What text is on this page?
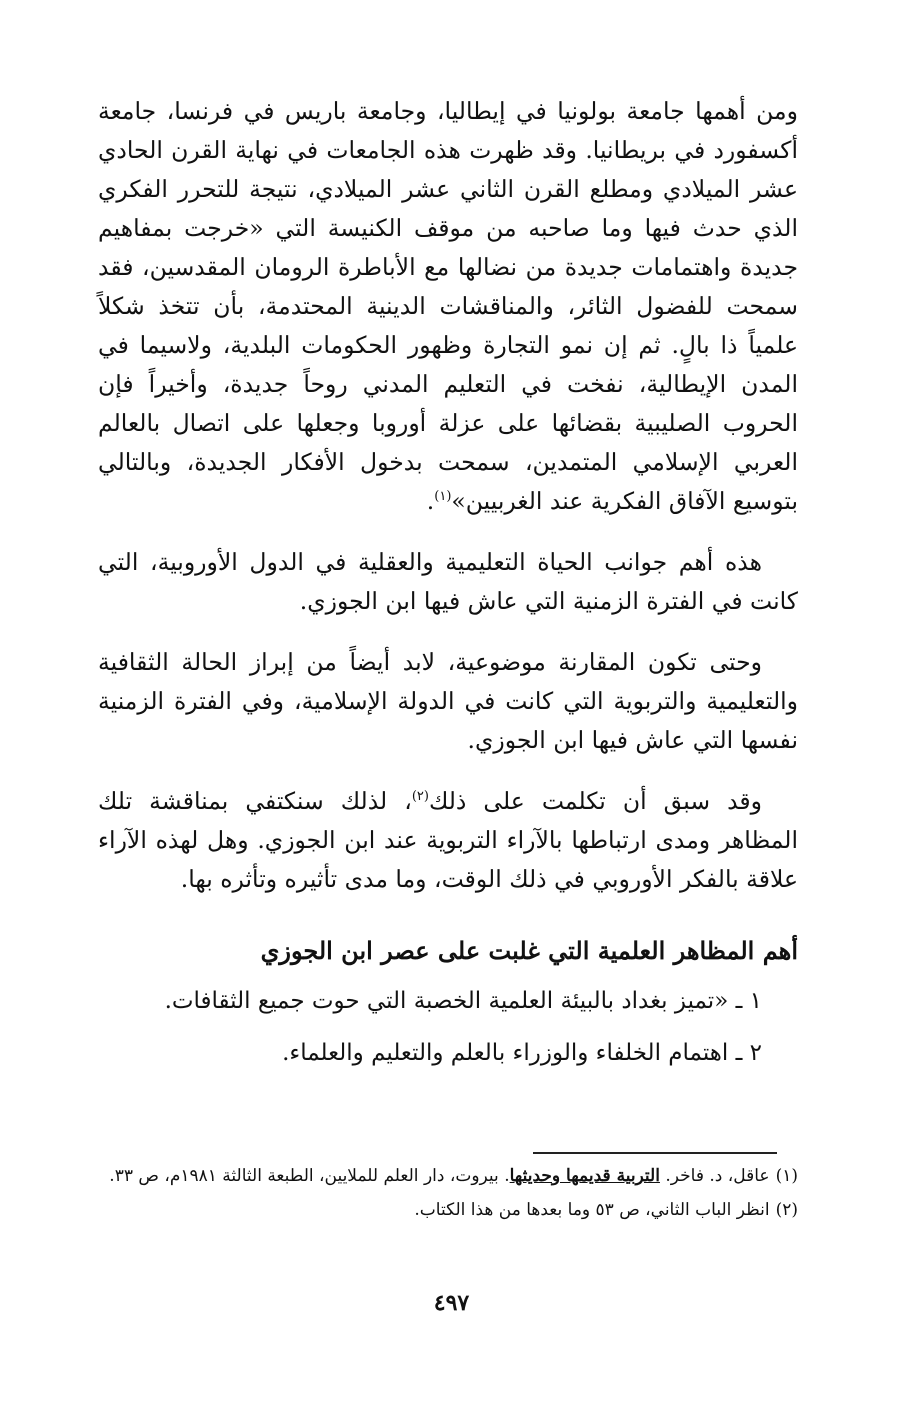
ومن أهمها جامعة بولونيا في إيطاليا، وجامعة باريس في فرنسا، جامعة أكسفورد في بريطانيا. وقد ظهرت هذه الجامعات في نهاية القرن الحادي عشر الميلادي ومطلع القرن الثاني عشر الميلادي، نتيجة للتحرر الفكري الذي حدث فيها وما صاحبه من موقف الكنيسة التي «خرجت بمفاهيم جديدة واهتمامات جديدة من نضالها مع الأباطرة الرومان المقدسين، فقد سمحت للفضول الثائر، والمناقشات الدينية المحتدمة، بأن تتخذ شكلاً علمياً ذا بالٍ. ثم إن نمو التجارة وظهور الحكومات البلدية، ولاسيما في المدن الإيطالية، نفخت في التعليم المدني روحاً جديدة، وأخيراً فإن الحروب الصليبية بقضائها على عزلة أوروبا وجعلها على اتصال بالعالم العربي الإسلامي المتمدين، سمحت بدخول الأفكار الجديدة، وبالتالي بتوسيع الآفاق الفكرية عند الغربيين»$^{(١)}$.

هذه أهم جوانب الحياة التعليمية والعقلية في الدول الأوروبية، التي كانت في الفترة الزمنية التي عاش فيها ابن الجوزي.

وحتى تكون المقارنة موضوعية، لابد أيضاً من إبراز الحالة الثقافية والتعليمية والتربوية التي كانت في الدولة الإسلامية، وفي الفترة الزمنية نفسها التي عاش فيها ابن الجوزي.

وقد سبق أن تكلمت على ذلك$^{(٢)}$، لذلك سنكتفي بمناقشة تلك المظاهر ومدى ارتباطها بالآراء التربوية عند ابن الجوزي. وهل لهذه الآراء علاقة بالفكر الأوروبي في ذلك الوقت، وما مدى تأثيره وتأثره بها.

أهم المظاهر العلمية التي غلبت على عصر ابن الجوزي

١ ـ «تميز بغداد بالبيئة العلمية الخصبة التي حوت جميع الثقافات.

٢ ـ اهتمام الخلفاء والوزراء بالعلم والتعليم والعلماء.

(١)
عاقل، د. فاخر. التربية قديمها وحديثها. بيروت، دار العلم للملايين، الطبعة الثالثة ١٩٨١م، ص ٣٣.
(٢)
انظر الباب الثاني، ص ٥٣ وما بعدها من هذا الكتاب.
٤٩٧
